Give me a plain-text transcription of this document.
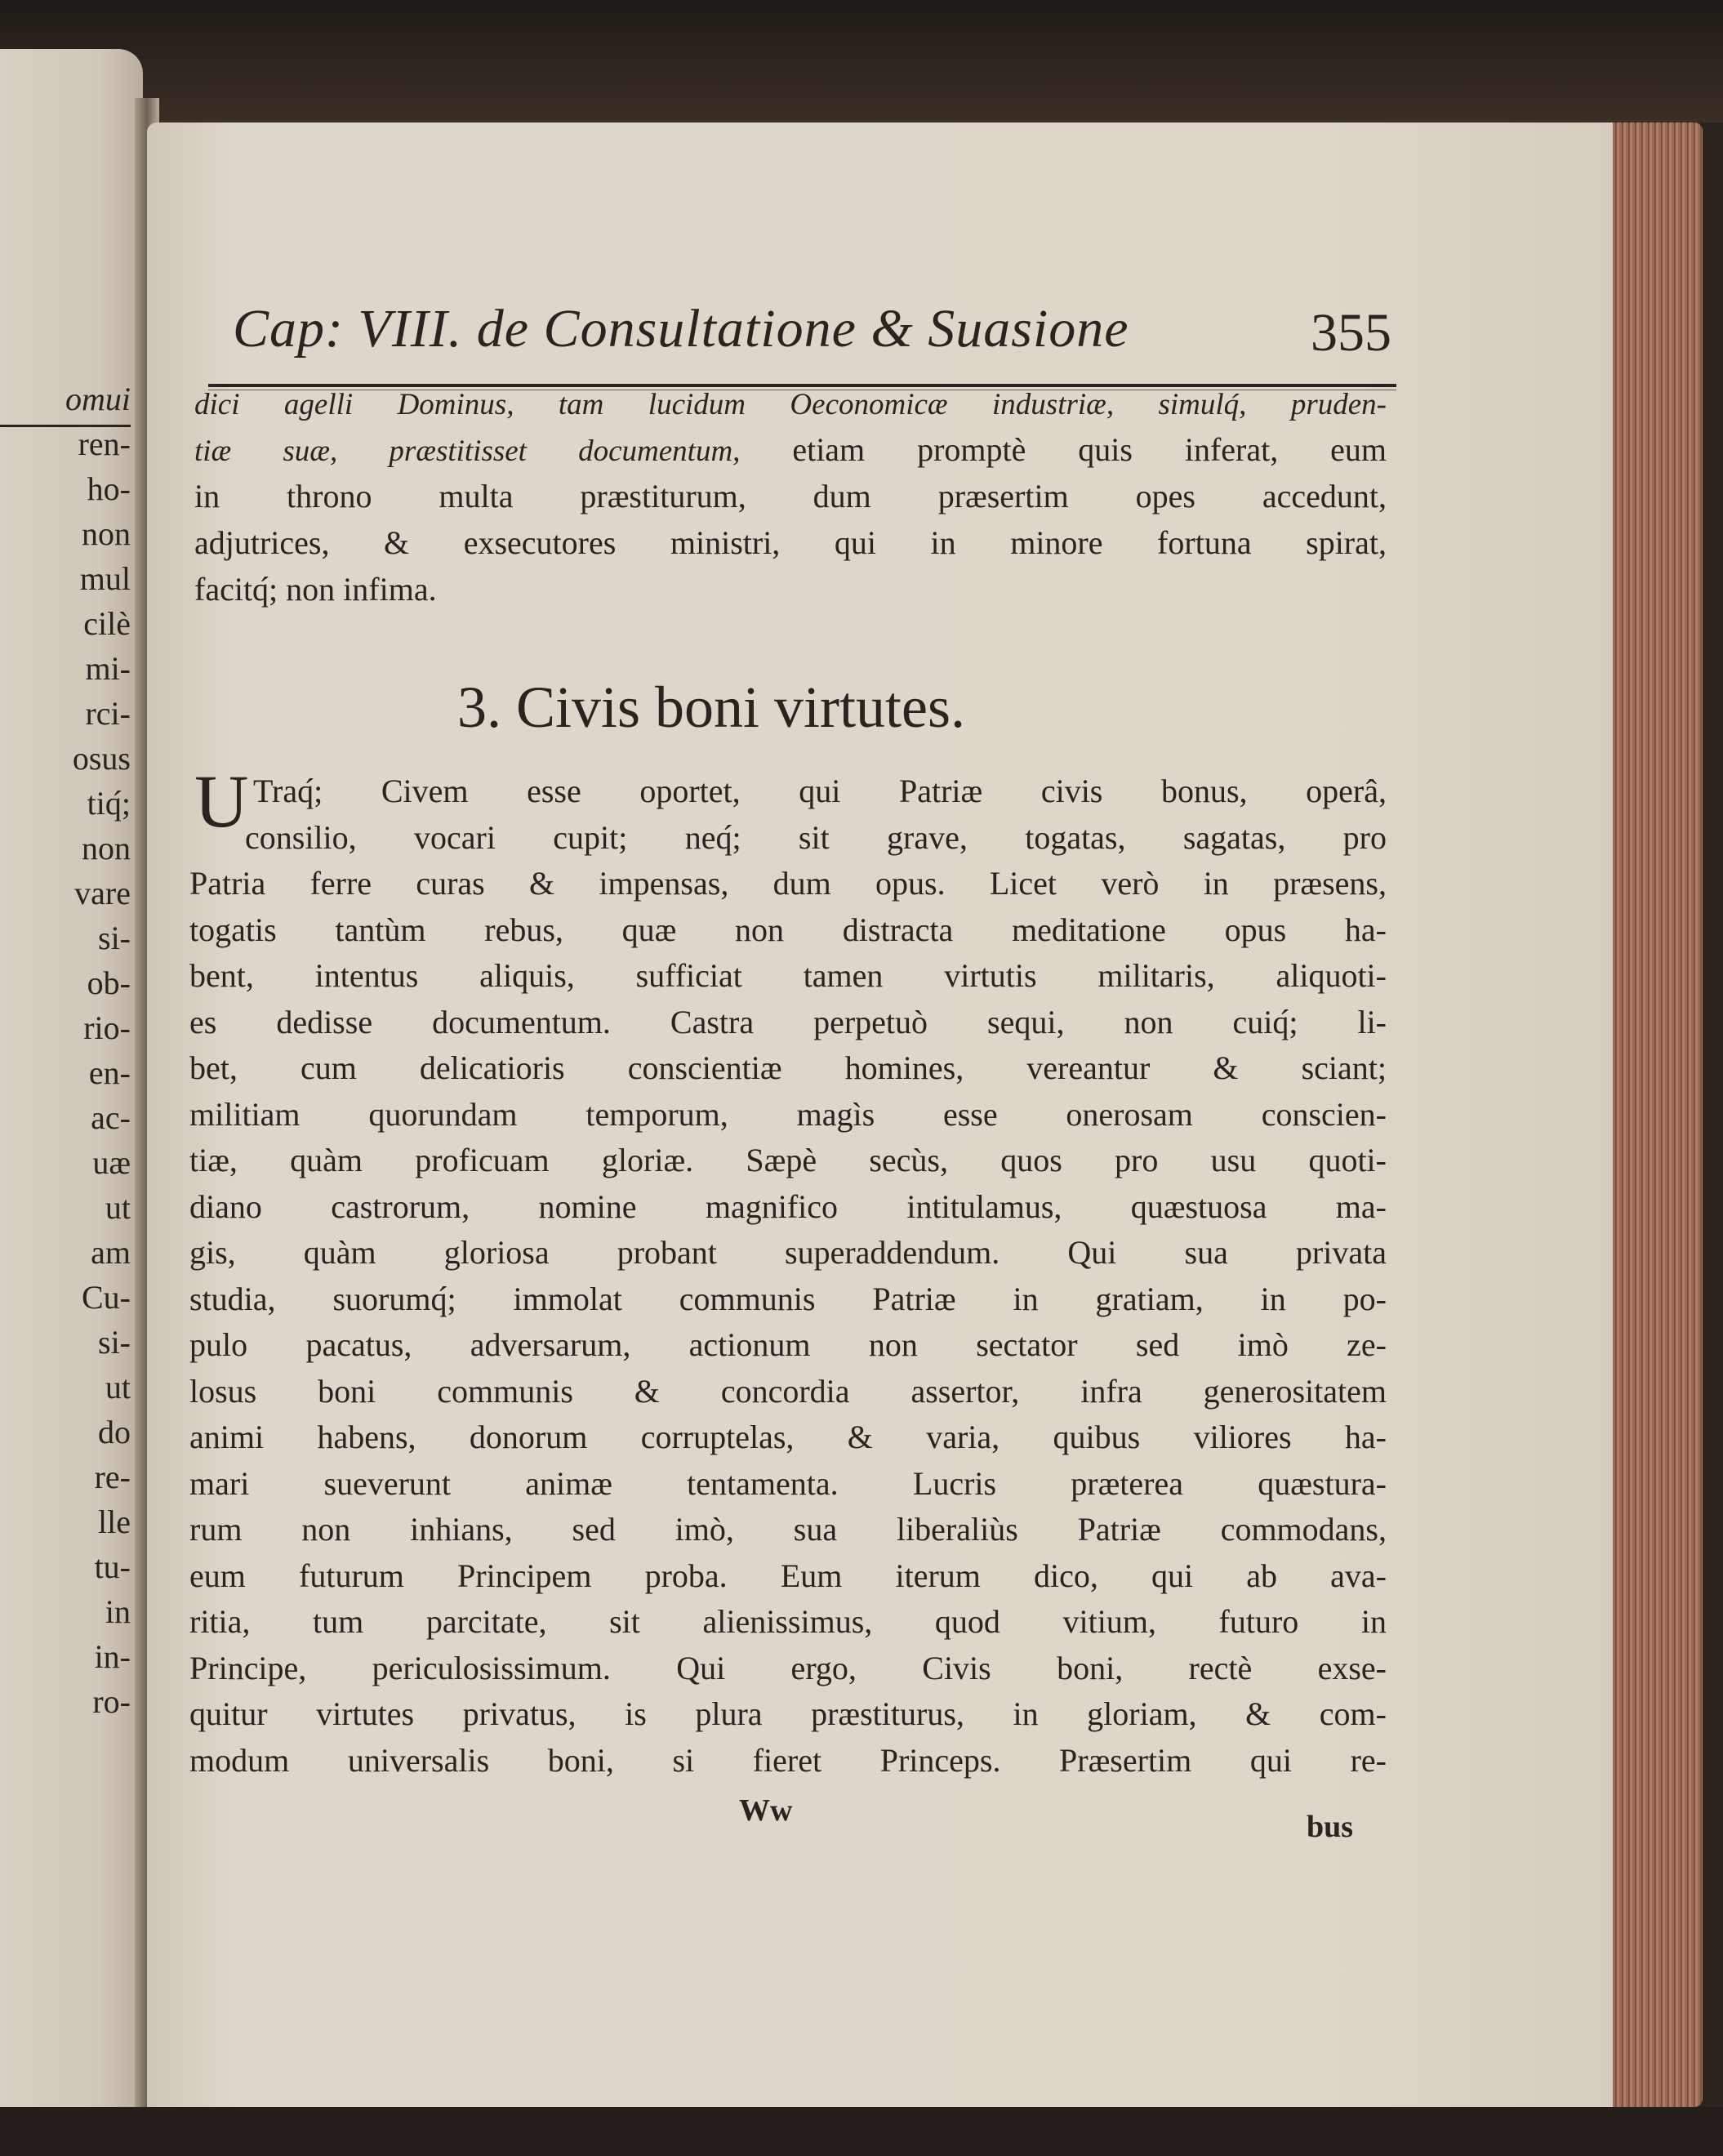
omui
ren-
ho-
non
mul
cilè
mi-
rci-
osus
tiq́;
non
vare
si-
ob-
rio-
en-
ac-
uæ
ut
am
Cu-
si-
ut
do
re-
lle
tu-
in
in-
ro-
Cap: VIII. de Consultatione & Suasione	355
dici agelli Dominus, tam lucidum Oeconomicæ industriæ, simulq́, pruden-
tiæ suæ, præstitisset documentum, etiam promptè quis inferat, eum
in throno multa præstiturum, dum præsertim opes accedunt,
adjutrices, & exsecutores ministri, qui in minore fortuna spirat,
facitq́; non infima.
3. Civis boni virtutes.
U Traq́; Civem esse oportet, qui Patriæ civis bonus, operâ,
consilio, vocari cupit; neq́; sit grave, togatas, sagatas, pro
Patria ferre curas & impensas, dum opus. Licet verò in præsens,
togatis tantùm rebus, quæ non distracta meditatione opus ha-
bent, intentus aliquis, sufficiat tamen virtutis militaris, aliquoti-
es dedisse documentum. Castra perpetuò sequi, non cuiq́; li-
bet, cum delicatioris conscientiæ homines, vereantur & sciant;
militiam quorundam temporum, magìs esse onerosam conscien-
tiæ, quàm proficuam gloriæ. Sæpè secùs, quos pro usu quoti-
diano castrorum, nomine magnifico intitulamus, quæstuosa ma-
gis, quàm gloriosa probant superaddendum. Qui sua privata
studia, suorumq́; immolat communis Patriæ in gratiam, in po-
pulo pacatus, adversarum, actionum non sectator sed imò ze-
losus boni communis & concordia assertor, infra generositatem
animi habens, donorum corruptelas, & varia, quibus viliores ha-
mari sueverunt animæ tentamenta. Lucris præterea quæstura-
rum non inhians, sed imò, sua liberaliùs Patriæ commodans,
eum futurum Principem proba. Eum iterum dico, qui ab ava-
ritia, tum parcitate, sit alienissimus, quod vitium, futuro in
Principe, periculosissimum. Qui ergo, Civis boni, rectè exse-
quitur virtutes privatus, is plura præstiturus, in gloriam, & com-
modum universalis boni, si fieret Princeps. Præsertim qui re-
Ww	bus
